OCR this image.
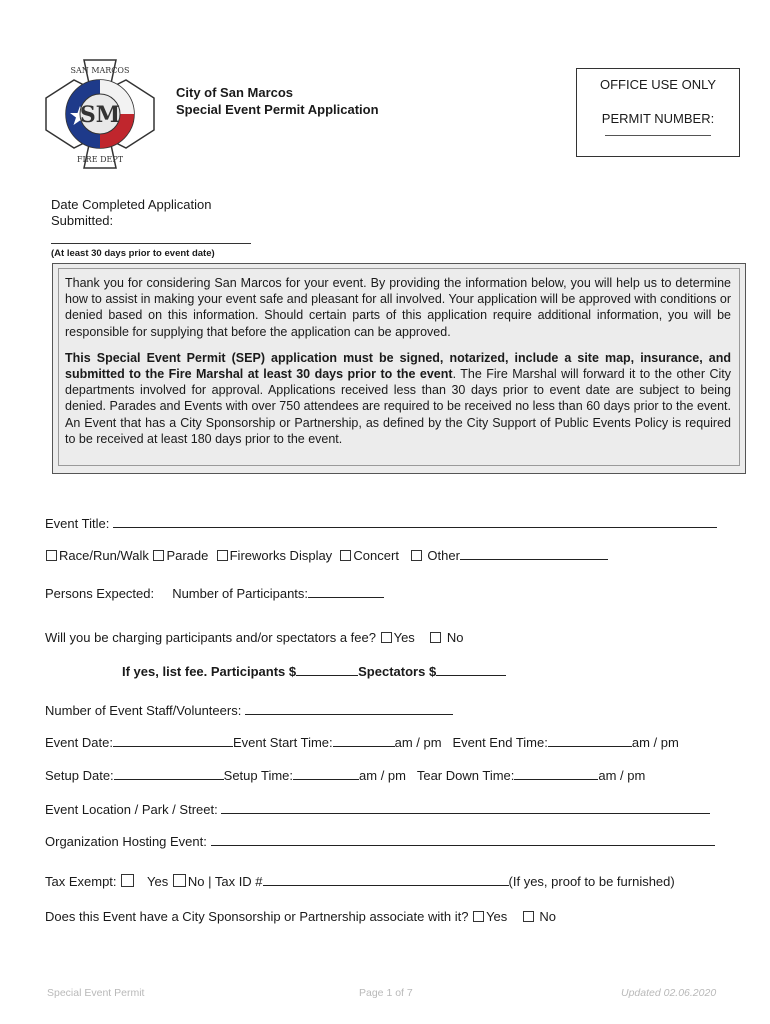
SM
SAN MARCOS
FIRE DEPT
City of San Marcos
Special Event Permit Application
OFFICE USE ONLY
PERMIT NUMBER:
Date Completed Application Submitted:
(At least 30 days prior to event date)

Thank you for considering San Marcos for your event. By providing the information below, you will help us to determine how to assist in making your event safe and pleasant for all involved. Your application will be approved with conditions or denied based on this information. Should certain parts of this application require additional information, you will be responsible for supplying that before the application can be approved.

This Special Event Permit (SEP) application must be signed, notarized, include a site map, insurance, and submitted to the Fire Marshal at least 30 days prior to the event. The Fire Marshal will forward it to the other City departments involved for approval. Applications received less than 30 days prior to event date are subject to being denied. Parades and Events with over 750 attendees are required to be received no less than 60 days prior to the event. An Event that has a City Sponsorship or Partnership, as defined by the City Support of Public Events Policy is required to be received at least 180 days prior to the event.

Event Title:
Race/Run/Walk Parade Fireworks Display Concert Other
Persons Expected: Number of Participants:
Will you be charging participants and/or spectators a fee? Yes No
If yes, list fee. Participants $	Spectators $
Number of Event Staff/Volunteers:
Event Date:	Event Start Time:	am / pm Event End Time:	am / pm
Setup Date:	Setup Time:	am / pm Tear Down Time:	am / pm
Event Location / Park / Street:
Organization Hosting Event:
Tax Exempt: Yes No | Tax ID #	(If yes, proof to be furnished)
Does this Event have a City Sponsorship or Partnership associate with it? Yes No
Special Event Permit	Page 1 of 7	Updated 02.06.2020
